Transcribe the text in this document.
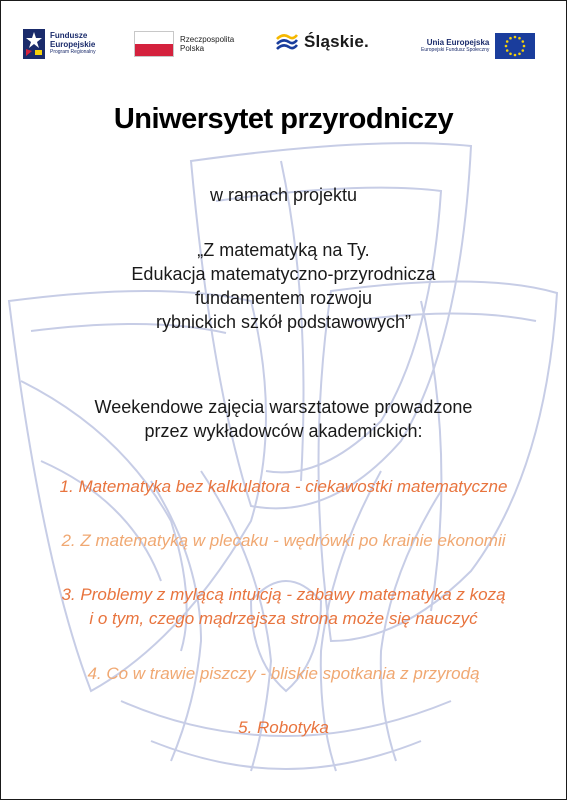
Fundusze
Europejskie
Program Regionalny
Rzeczpospolita
Polska	Śląskie.	Unia Europejska
Europejski Fundusz Społeczny
Uniwersytet przyrodniczy
w ramach projektu
„Z matematyką na Ty.
Edukacja matematyczno-przyrodnicza
fundamentem rozwoju
rybnickich szkół podstawowych”
Weekendowe zajęcia warsztatowe prowadzone
przez wykładowców akademickich:
1. Matematyka bez kalkulatora - ciekawostki matematyczne
2. Z matematyką w plecaku - wędrówki po krainie ekonomii
3. Problemy z mylącą intuicją - zabawy matematyka z kozą
i o tym, czego mądrzejsza strona może się nauczyć
4. Co w trawie piszczy - bliskie spotkania z przyrodą
5. Robotyka
